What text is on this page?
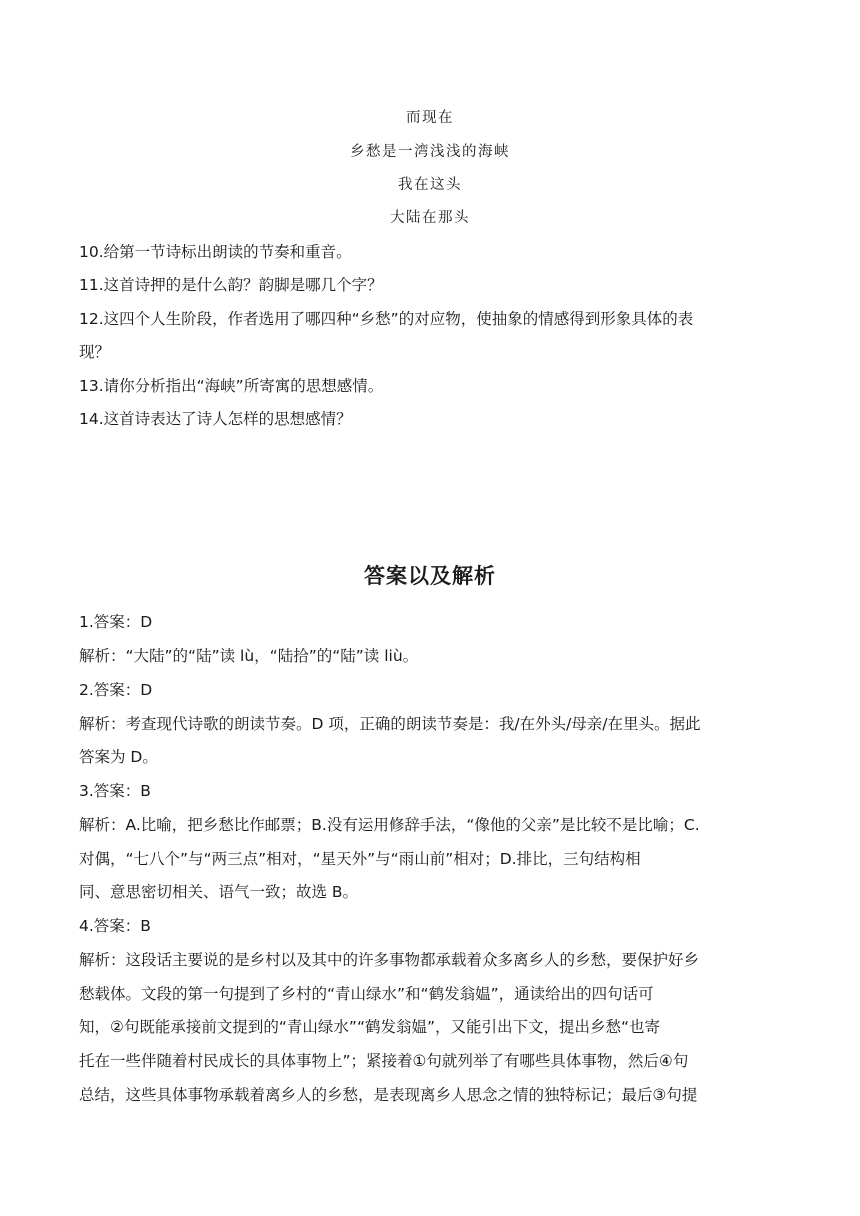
而现在
乡愁是一湾浅浅的海峡
我在这头
大陆在那头
10.给第一节诗标出朗读的节奏和重音。
11.这首诗押的是什么韵？韵脚是哪几个字？
12.这四个人生阶段，作者选用了哪四种“乡愁”的对应物，使抽象的情感得到形象具体的表
现？
13.请你分析指出“海峡”所寄寓的思想感情。
14.这首诗表达了诗人怎样的思想感情？
答案以及解析
1.答案：D
解析：“大陆”的“陆”读 lù，“陆拾”的“陆”读 liù。
2.答案：D
解析：考查现代诗歌的朗读节奏。D 项，正确的朗读节奏是：我/在外头/母亲/在里头。据此
答案为 D。
3.答案：B
解析：A.比喻，把乡愁比作邮票；B.没有运用修辞手法，“像他的父亲”是比较不是比喻；C.
对偶，“七八个”与“两三点”相对，“星天外”与“雨山前”相对；D.排比，三句结构相
同、意思密切相关、语气一致；故选 B。
4.答案：B
解析：这段话主要说的是乡村以及其中的许多事物都承载着众多离乡人的乡愁，要保护好乡
愁载体。文段的第一句提到了乡村的“青山绿水”和“鹤发翁媪”，通读给出的四句话可
知，②句既能承接前文提到的“青山绿水”“鹤发翁媪”，又能引出下文，提出乡愁“也寄
托在一些伴随着村民成长的具体事物上”；紧接着①句就列举了有哪些具体事物，然后④句
总结，这些具体事物承载着离乡人的乡愁，是表现离乡人思念之情的独特标记；最后③句提
